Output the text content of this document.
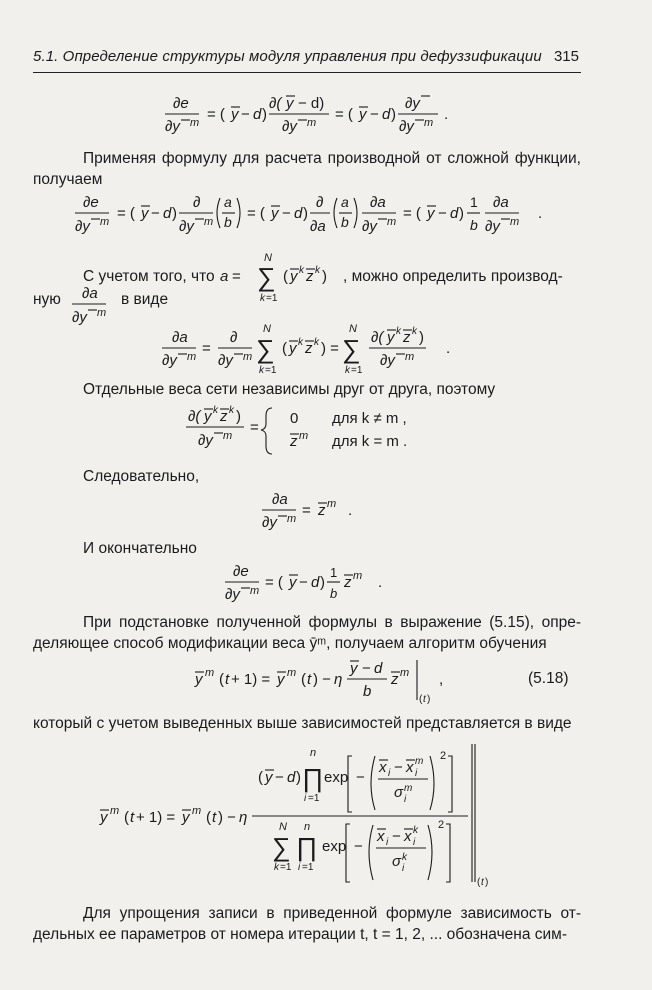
5.1. Определение структуры модуля управления при дефуззификации 315
∂e
∂y m = ( y − d )
∂( y − d)
∂y m = ( y − d )
∂y
∂y m .
Применяя формулу для расчета производной от сложной функции, получаем
∂e
∂y m = ( y − d )
∂
∂y m
a
b = ( y − d )
∂
∂a
a
b
∂a
∂y m = ( y − d )
1
b
∂a
∂y m .
С учетом того, что	, можно определить производ-
ную	в виде
a =
N
∑
k =1
( y k z k )
∂a
∂y m
∂a
∂y m =
∂
∂y m
N
∑
k =1
( y k z k ) =
N
∑
k =1
∂( y k z k )
∂y m .
Отдельные веса сети независимы друг от друга, поэтому
∂( y k z k )
∂y m =
0
z m
для k ≠ m ,
для k = m .
Следовательно,
∂a
∂y m = z m .
И окончательно
∂e
∂y m = ( y − d )
1
b
z m .
При подстановке полученной формулы в выражение (5.15), опре-деляющее способ модификации веса ӯᵐ, получаем алгоритм обучения
y m ( t + 1) = y m ( t ) − η
y − d
b
z m
( t )
,	(5.18)
который с учетом выведенных выше зависимостей представляется в виде
y m ( t + 1) = y m ( t ) − η
( y − d )
n
∏
i =1
exp −
x i − x i
m
σ i
m
2
N
∑
k =1
n
∏
i =1
exp −
x i − x i
k
σ i
k
2
( t )
Для упрощения записи в приведенной формуле зависимость от-дельных ее параметров от номера итерации t, t = 1, 2, ... обозначена сим-
